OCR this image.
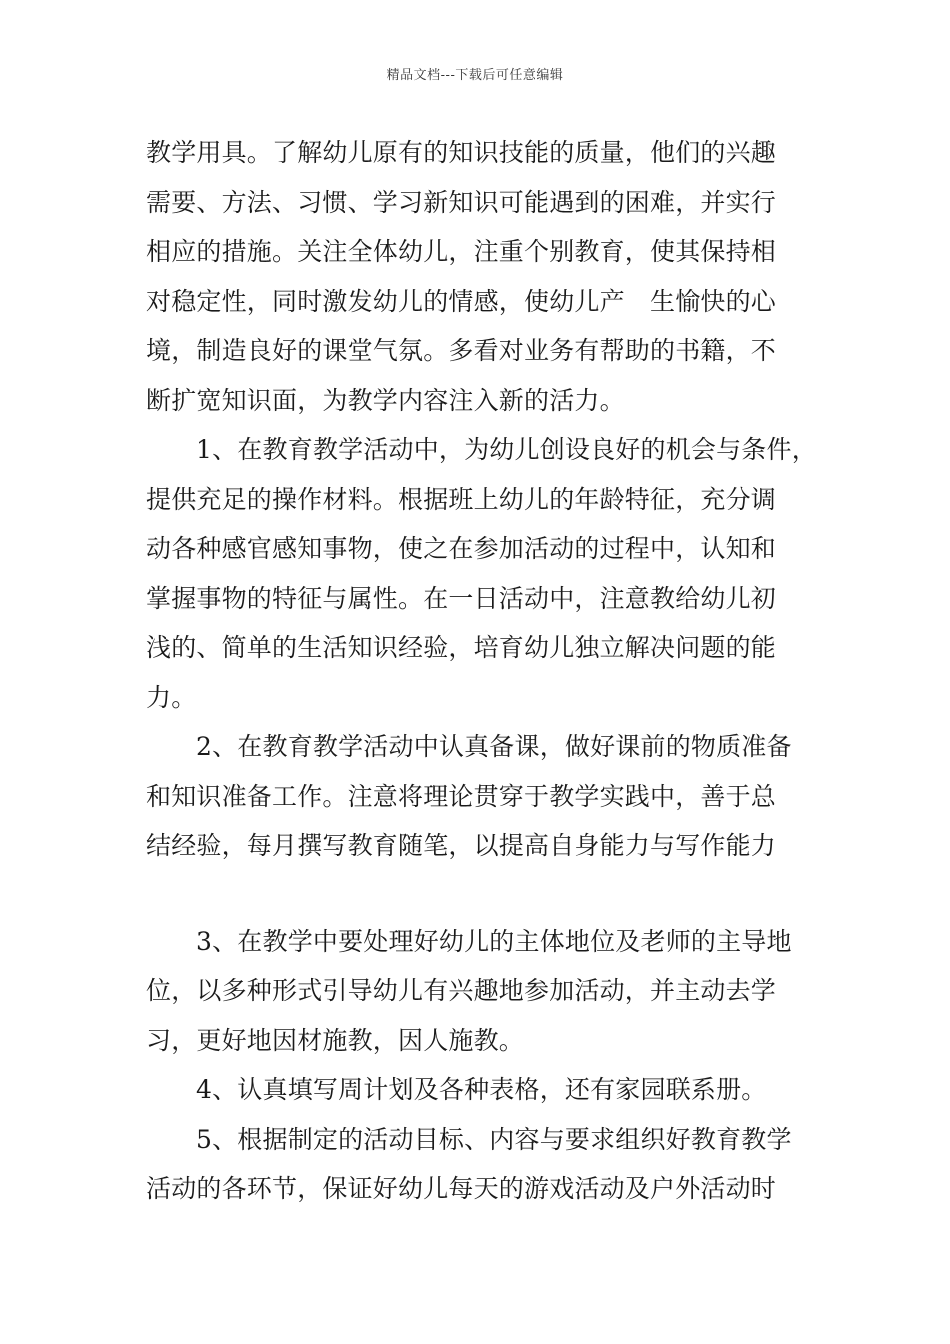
精品文档---下载后可任意编辑
教学用具。了解幼儿原有的知识技能的质量，他们的兴趣
需要、方法、习惯、学习新知识可能遇到的困难，并实行
相应的措施。关注全体幼儿，注重个别教育，使其保持相
对稳定性，同时激发幼儿的情感，使幼儿产　生愉快的心
境，制造良好的课堂气氛。多看对业务有帮助的书籍，不
断扩宽知识面，为教学内容注入新的活力。
1、在教育教学活动中，为幼儿创设良好的机会与条件，
提供充足的操作材料。根据班上幼儿的年龄特征，充分调
动各种感官感知事物，使之在参加活动的过程中，认知和
掌握事物的特征与属性。在一日活动中，注意教给幼儿初
浅的、简单的生活知识经验，培育幼儿独立解决问题的能
力。
2、在教育教学活动中认真备课，做好课前的物质准备
和知识准备工作。注意将理论贯穿于教学实践中，善于总
结经验，每月撰写教育随笔，以提高自身能力与写作能力
3、在教学中要处理好幼儿的主体地位及老师的主导地
位，以多种形式引导幼儿有兴趣地参加活动，并主动去学
习，更好地因材施教，因人施教。
4、认真填写周计划及各种表格，还有家园联系册。
5、根据制定的活动目标、内容与要求组织好教育教学
活动的各环节，保证好幼儿每天的游戏活动及户外活动时
